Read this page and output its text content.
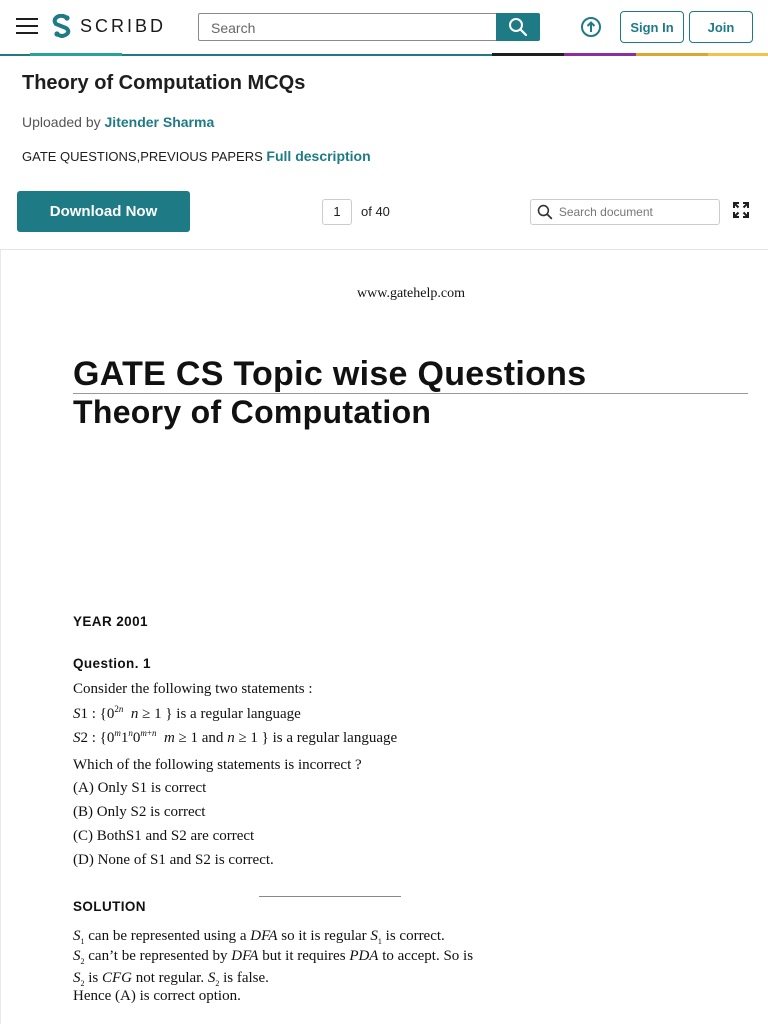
SCRIBD
Search	Sign In	Join
Theory of Computation MCQs
Uploaded by Jitender Sharma
GATE QUESTIONS,PREVIOUS PAPERS Full description
Download Now	1	of 40
Search document
www.gatehelp.com
GATE CS Topic wise Questions
Theory of Computation
YEAR 2001
Question. 1
Consider the following two statements :
S1 : {$0^{2n}$ n ≥ 1 } is a regular language
S2 : {$0^m1^n0^{m+n}$ m ≥ 1 and n ≥ 1 } is a regular language
Which of the following statements is incorrect ?
(A) Only S1 is correct
(B) Only S2 is correct
(C) BothS1 and S2 are correct
(D) None of S1 and S2 is correct.
SOLUTION
$S_1$ can be represented using a DFA so it is regular $S_1$ is correct.
$S_2$ can’t be represented by DFA but it requires PDA to accept. So is
$S_2$ is CFG not regular. $S_2$ is false.
Hence (A) is correct option.
